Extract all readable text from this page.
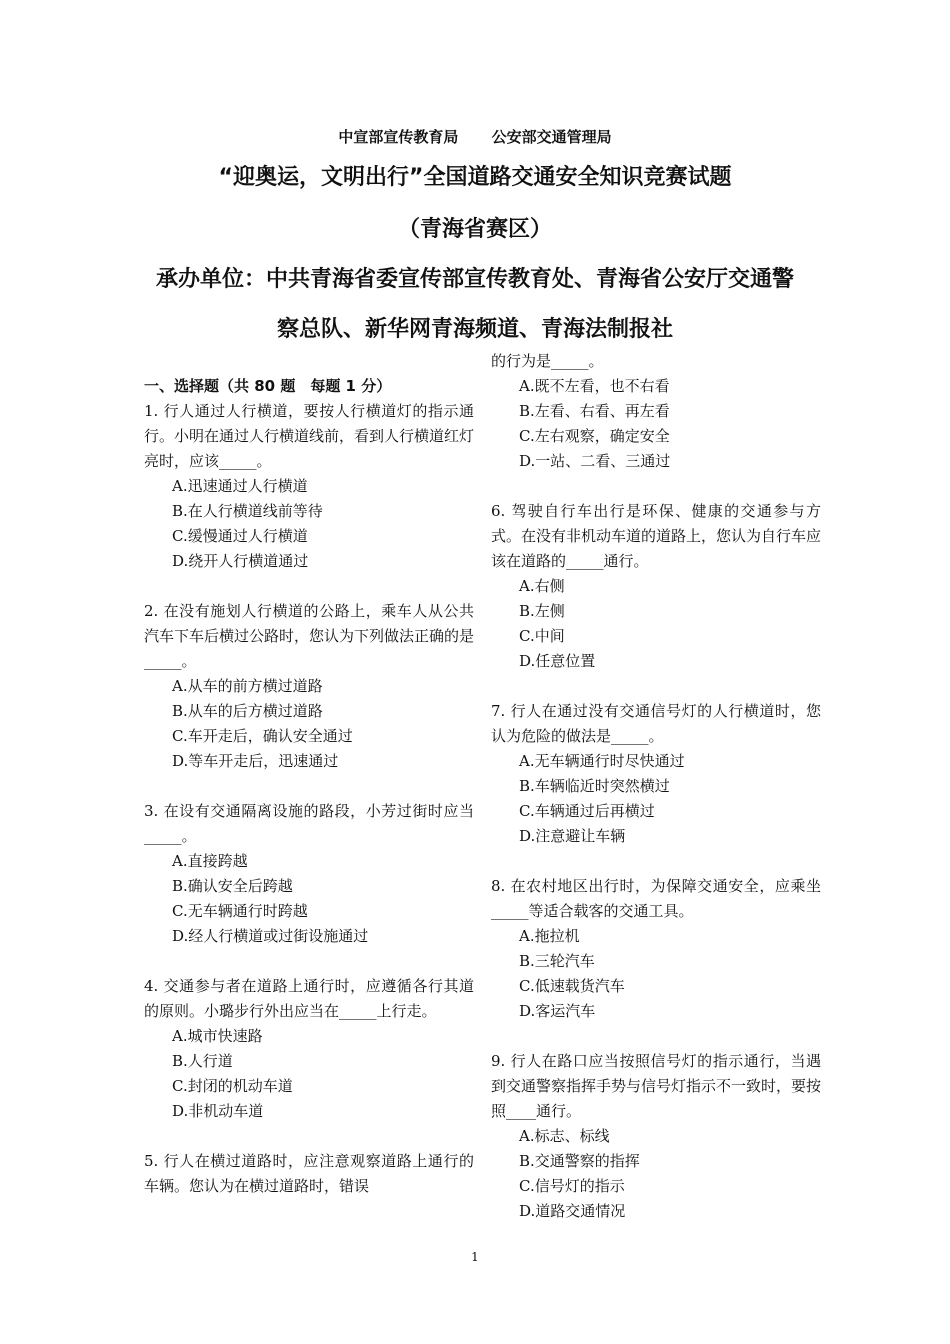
中宣部宣传教育局 公安部交通管理局
“迎奥运，文明出行”全国道路交通安全知识竞赛试题
（青海省赛区）
承办单位：中共青海省委宣传部宣传教育处、青海省公安厅交通警
察总队、新华网青海频道、青海法制报社
一、选择题（共 80 题　每题 1 分）
1. 行人通过人行横道，要按人行横道灯的指示通行。小明在通过人行横道线前，看到人行横道红灯亮时，应该_____。
A.迅速通过人行横道
B.在人行横道线前等待
C.缓慢通过人行横道
D.绕开人行横道通过
2. 在没有施划人行横道的公路上，乘车人从公共汽车下车后横过公路时，您认为下列做法正确的是_____。
A.从车的前方横过道路
B.从车的后方横过道路
C.车开走后，确认安全通过
D.等车开走后，迅速通过
3. 在设有交通隔离设施的路段，小芳过街时应当_____。
A.直接跨越
B.确认安全后跨越
C.无车辆通行时跨越
D.经人行横道或过街设施通过
4. 交通参与者在道路上通行时，应遵循各行其道的原则。小璐步行外出应当在_____上行走。
A.城市快速路
B.人行道
C.封闭的机动车道
D.非机动车道
5. 行人在横过道路时，应注意观察道路上通行的车辆。您认为在横过道路时，错误
的行为是_____。
A.既不左看，也不右看
B.左看、右看、再左看
C.左右观察，确定安全
D.一站、二看、三通过
6. 驾驶自行车出行是环保、健康的交通参与方式。在没有非机动车道的道路上，您认为自行车应该在道路的_____通行。
A.右侧
B.左侧
C.中间
D.任意位置
7. 行人在通过没有交通信号灯的人行横道时，您认为危险的做法是_____。
A.无车辆通行时尽快通过
B.车辆临近时突然横过
C.车辆通过后再横过
D.注意避让车辆
8. 在农村地区出行时，为保障交通安全，应乘坐_____等适合载客的交通工具。
A.拖拉机
B.三轮汽车
C.低速载货汽车
D.客运汽车
9. 行人在路口应当按照信号灯的指示通行，当遇到交通警察指挥手势与信号灯指示不一致时，要按照____通行。
A.标志、标线
B.交通警察的指挥
C.信号灯的指示
D.道路交通情况
1
